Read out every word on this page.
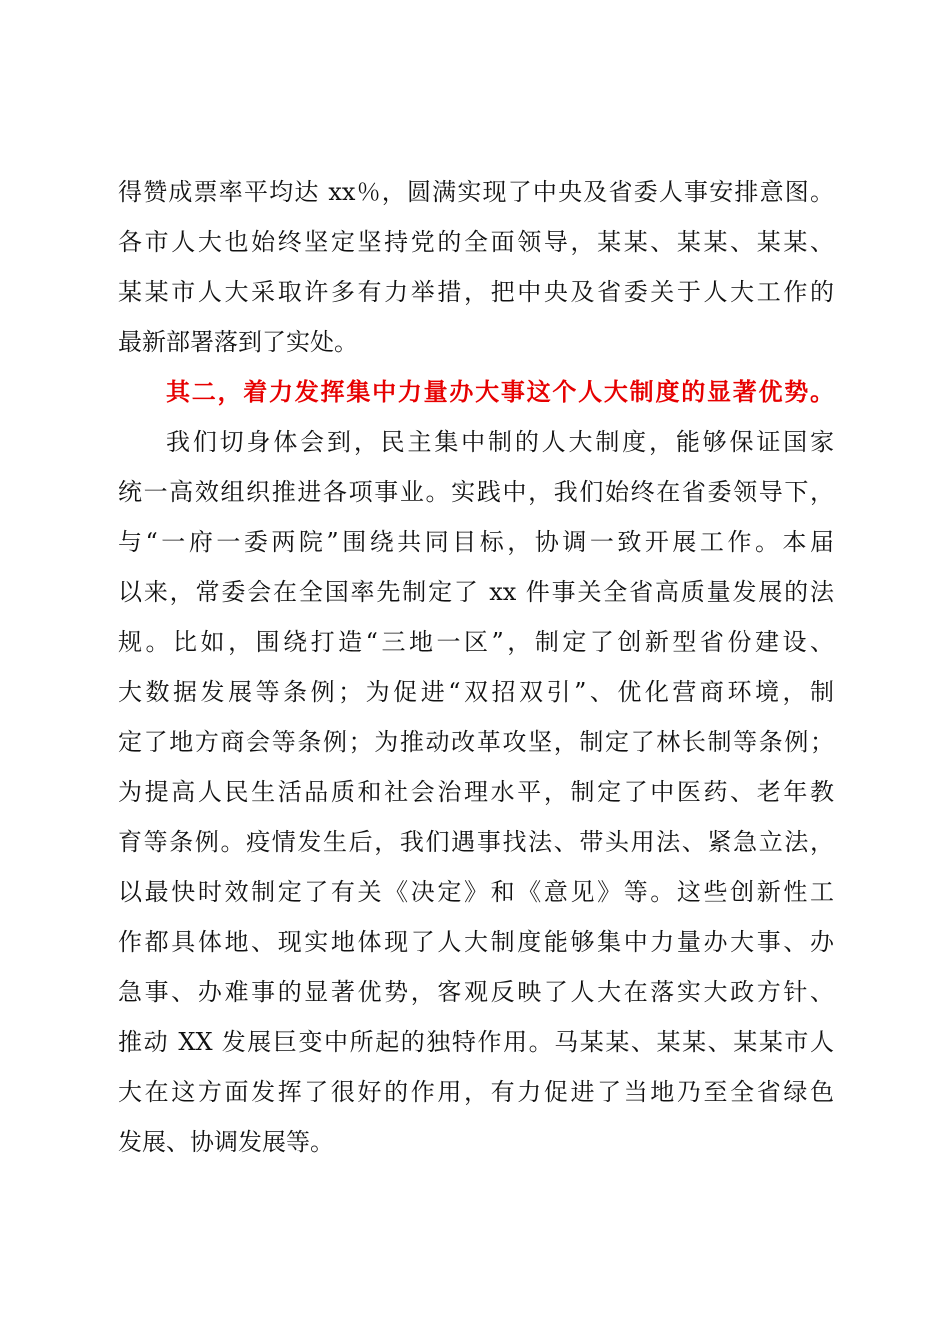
得赞成票率平均达 xx％，圆满实现了中央及省委人事安排意图。
各市人大也始终坚定坚持党的全面领导，某某、某某、某某、
某某市人大采取许多有力举措，把中央及省委关于人大工作的
最新部署落到了实处。
其二，着力发挥集中力量办大事这个人大制度的显著优势。
我们切身体会到，民主集中制的人大制度，能够保证国家
统一高效组织推进各项事业。实践中，我们始终在省委领导下，
与“一府一委两院”围绕共同目标，协调一致开展工作。本届
以来，常委会在全国率先制定了 xx 件事关全省高质量发展的法
规。比如，围绕打造“三地一区”，制定了创新型省份建设、
大数据发展等条例；为促进“双招双引”、优化营商环境，制
定了地方商会等条例；为推动改革攻坚，制定了林长制等条例；
为提高人民生活品质和社会治理水平，制定了中医药、老年教
育等条例。疫情发生后，我们遇事找法、带头用法、紧急立法，
以最快时效制定了有关《决定》和《意见》等。这些创新性工
作都具体地、现实地体现了人大制度能够集中力量办大事、办
急事、办难事的显著优势，客观反映了人大在落实大政方针、
推动 XX 发展巨变中所起的独特作用。马某某、某某、某某市人
大在这方面发挥了很好的作用，有力促进了当地乃至全省绿色
发展、协调发展等。
